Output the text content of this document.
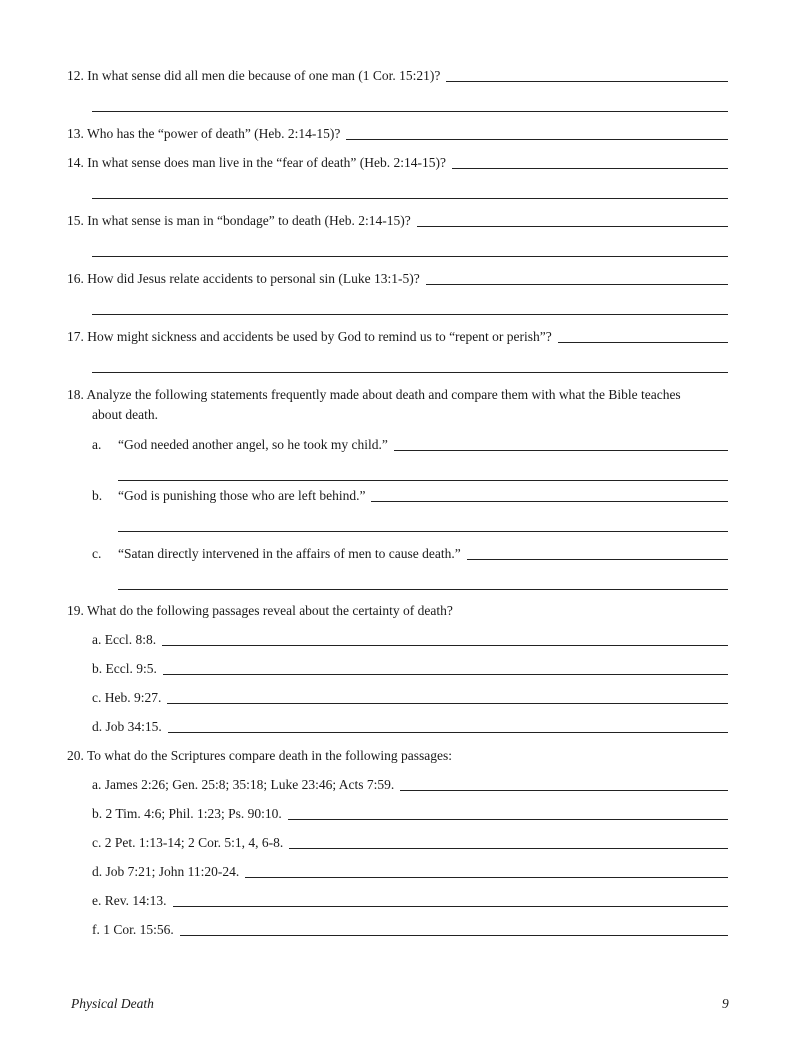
12. In what sense did all men die because of one man (1 Cor. 15:21)?
13. Who has the “power of death” (Heb. 2:14-15)?
14. In what sense does man live in the “fear of death” (Heb. 2:14-15)?
15. In what sense is man in “bondage” to death (Heb. 2:14-15)?
16. How did Jesus relate accidents to personal sin (Luke 13:1-5)?
17. How might sickness and accidents be used by God to remind us to “repent or perish”?
18. Analyze the following statements frequently made about death and compare them with what the Bible teaches
about death.
a.	“God needed another angel, so he took my child.”
b.	“God is punishing those who are left behind.”
c.	“Satan directly intervened in the affairs of men to cause death.”
19. What do the following passages reveal about the certainty of death?
a. Eccl. 8:8.
b. Eccl. 9:5.
c. Heb. 9:27.
d. Job 34:15.
20. To what do the Scriptures compare death in the following passages:
a. James 2:26; Gen. 25:8; 35:18; Luke 23:46; Acts 7:59.
b. 2 Tim. 4:6; Phil. 1:23; Ps. 90:10.
c. 2 Pet. 1:13-14; 2 Cor. 5:1, 4, 6-8.
d. Job 7:21; John 11:20-24.
e. Rev. 14:13.
f. 1 Cor. 15:56.
Physical Death	9
